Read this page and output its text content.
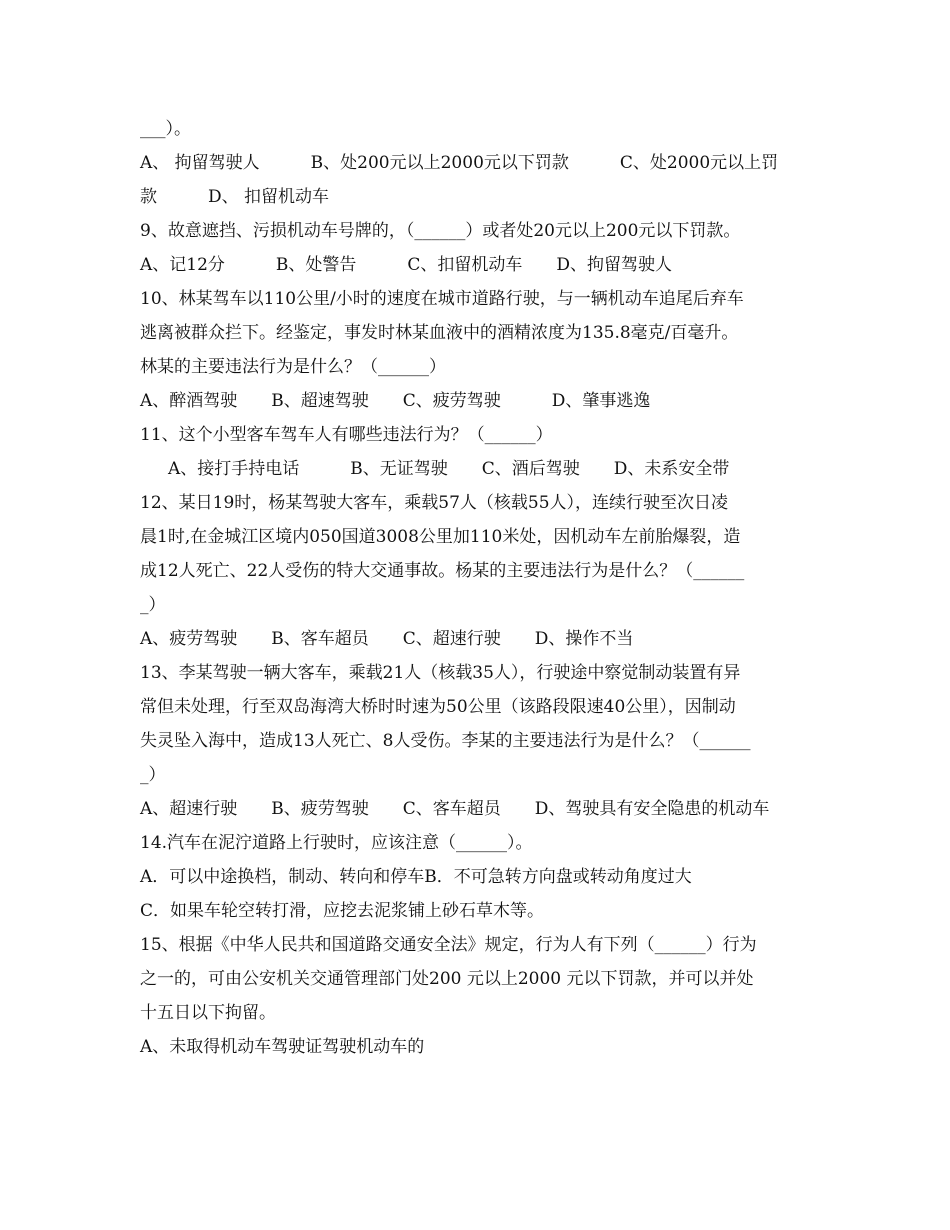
___）。
A、 拘留驾驶人　　　B、处200元以上2000元以下罚款　　　C、处2000元以上罚
款　　　D、 扣留机动车
9、故意遮挡、污损机动车号牌的，（______）或者处20元以上200元以下罚款。
A、记12分　　　B、处警告　　　C、扣留机动车　　D、拘留驾驶人
10、林某驾车以110公里/小时的速度在城市道路行驶，与一辆机动车追尾后弃车
逃离被群众拦下。经鉴定，事发时林某血液中的酒精浓度为135.8毫克/百毫升。
林某的主要违法行为是什么？（______）
A、醉酒驾驶　　B、超速驾驶　　C、疲劳驾驶　　　D、肇事逃逸
11、这个小型客车驾车人有哪些违法行为？（______）
A、接打手持电话　　　B、无证驾驶　　C、酒后驾驶　　D、未系安全带
12、某日19时，杨某驾驶大客车，乘载57人（核载55人），连续行驶至次日凌
晨1时,在金城江区境内050国道3008公里加110米处，因机动车左前胎爆裂，造
成12人死亡、22人受伤的特大交通事故。杨某的主要违法行为是什么？（______
_）
A、疲劳驾驶　　B、客车超员　　C、超速行驶　　D、操作不当
13、李某驾驶一辆大客车，乘载21人（核载35人），行驶途中察觉制动装置有异
常但未处理，行至双岛海湾大桥时时速为50公里（该路段限速40公里），因制动
失灵坠入海中，造成13人死亡、8人受伤。李某的主要违法行为是什么？（______
_）
A、超速行驶　　B、疲劳驾驶　　C、客车超员　　D、驾驶具有安全隐患的机动车
14.汽车在泥泞道路上行驶时，应该注意（______）。
A．可以中途换档，制动、转向和停车B．不可急转方向盘或转动角度过大
C．如果车轮空转打滑，应挖去泥浆铺上砂石草木等。
15、根据《中华人民共和国道路交通安全法》规定，行为人有下列（______）行为
之一的，可由公安机关交通管理部门处200 元以上2000 元以下罚款，并可以并处
十五日以下拘留。
A、未取得机动车驾驶证驾驶机动车的
